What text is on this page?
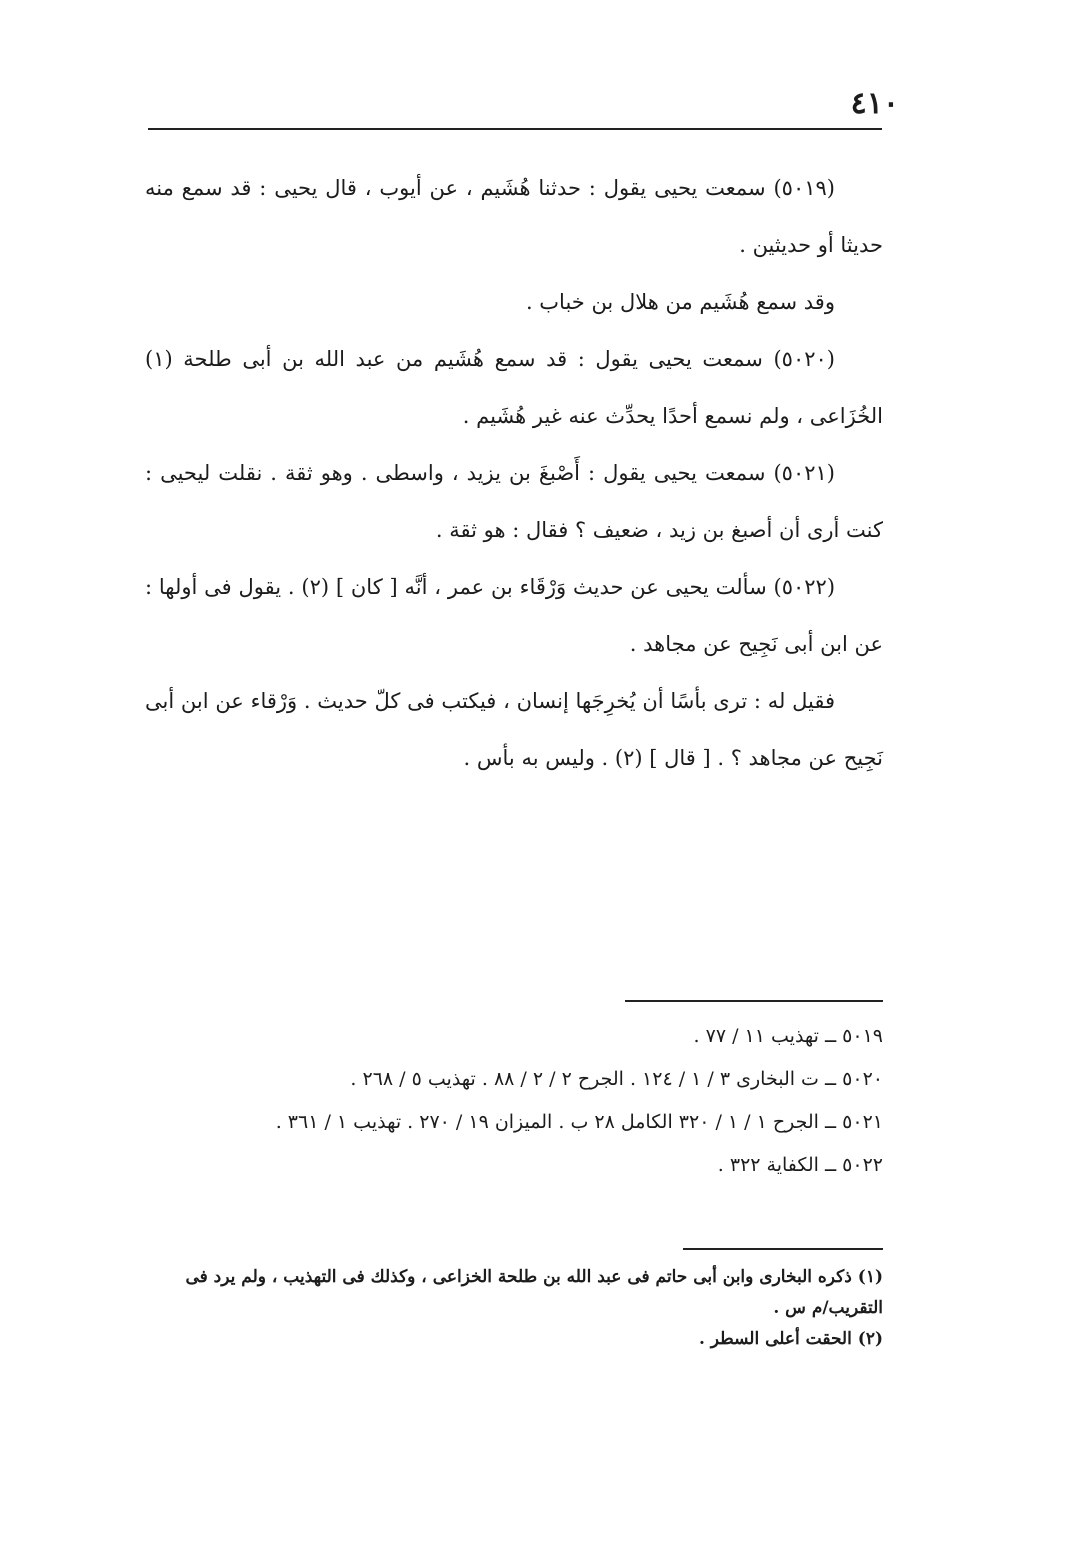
٤١٠

(٥٠١٩) سمعت يحيى يقول : حدثنا هُشَيم ، عن أيوب ، قال يحيى : قد سمع منه حديثا أو حديثين .

وقد سمع هُشَيم من هلال بن خباب .

(٥٠٢٠) سمعت يحيى يقول : قد سمع هُشَيم من عبد الله بن أبى طلحة (١) الخُزَاعى ، ولم نسمع أحدًا يحدِّث عنه غير هُشَيم .

(٥٠٢١) سمعت يحيى يقول : أَصْبغَ بن يزيد ، واسطى . وهو ثقة . نقلت ليحيى : كنت أرى أن أصبغ بن زيد ، ضعيف ؟ فقال : هو ثقة .

(٥٠٢٢) سألت يحيى عن حديث وَرْقَاء بن عمر ، أنَّه [ كان ] (٢) . يقول فى أولها : عن ابن أبى نَجِيح عن مجاهد .

فقيل له : ترى بأسًا أن يُخرِجَها إنسان ، فيكتب فى كلّ حديث . وَرْقاء عن ابن أبى نَجِيح عن مجاهد ؟ . [ قال ] (٢) . وليس به بأس .

٥٠١٩ ــ تهذيب ١١ / ٧٧ .

٥٠٢٠ ــ ت البخارى ٣ / ١ / ١٢٤ . الجرح ٢ / ٢ / ٨٨ . تهذيب ٥ / ٢٦٨ .

٥٠٢١ ــ الجرح ١ / ١ / ٣٢٠ الكامل ٢٨ ب . الميزان ١٩ / ٢٧٠ . تهذيب ١ / ٣٦١ .

٥٠٢٢ ــ الكفاية ٣٢٢ .

(١) ذكره البخارى وابن أبى حاتم فى عبد الله بن طلحة الخزاعى ، وكذلك فى التهذيب ، ولم يرد فى التقريب/م س .

(٢) الحقت أعلى السطر .
